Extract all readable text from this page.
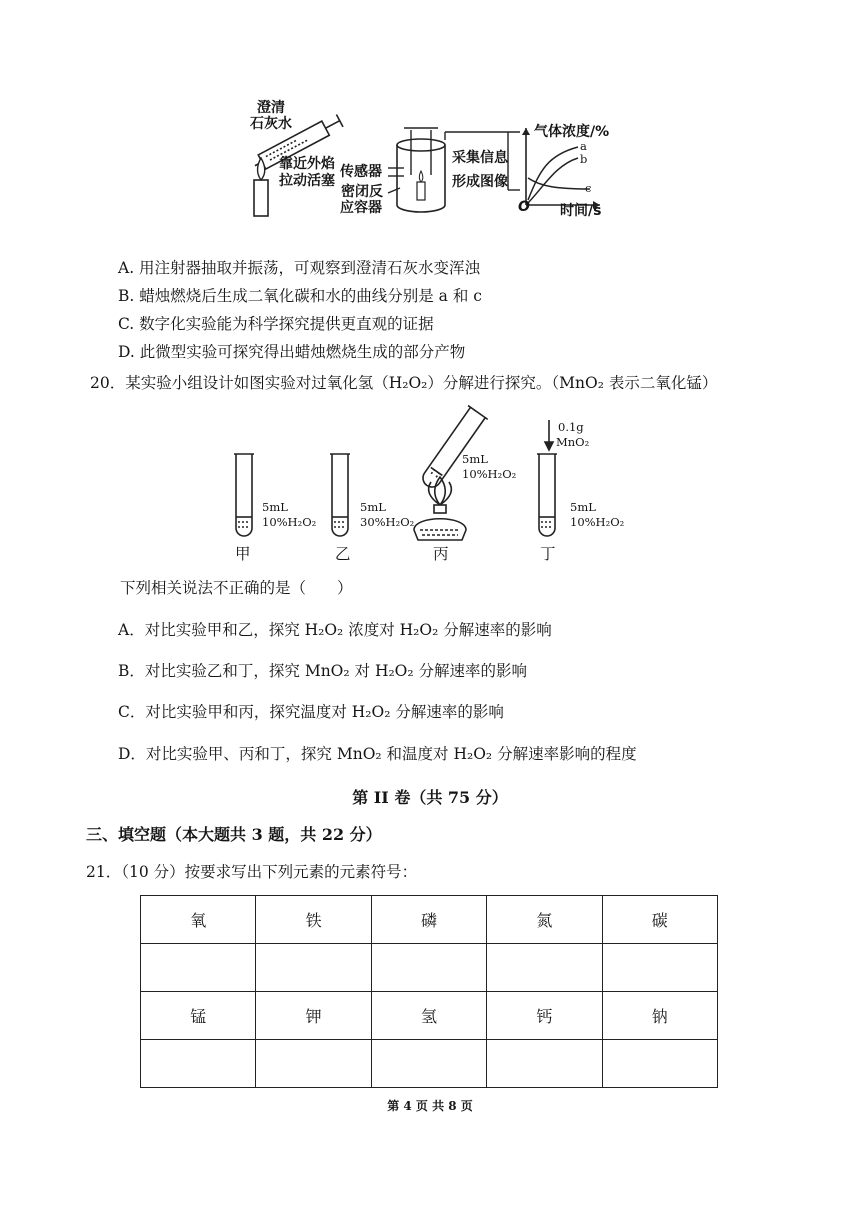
澄清
石灰水
靠近外焰
拉动活塞
传感器
密闭反
应容器
采集信息
形成图像
气体浓度/%
时间/s
O
a
b
c
A. 用注射器抽取并振荡，可观察到澄清石灰水变浑浊
B. 蜡烛燃烧后生成二氧化碳和水的曲线分别是 a 和 c
C. 数字化实验能为科学探究提供更直观的证据
D. 此微型实验可探究得出蜡烛燃烧生成的部分产物
20．某实验小组设计如图实验对过氧化氢（H₂O₂）分解进行探究。（MnO₂ 表示二氧化锰）
5mL
10%H₂O₂
5mL
30%H₂O₂
5mL
10%H₂O₂
5mL
10%H₂O₂
0.1g
MnO₂
甲	乙	丙	丁
下列相关说法不正确的是（　　）
A．对比实验甲和乙，探究 H₂O₂ 浓度对 H₂O₂ 分解速率的影响
B．对比实验乙和丁，探究 MnO₂ 对 H₂O₂ 分解速率的影响
C．对比实验甲和丙，探究温度对 H₂O₂ 分解速率的影响
D．对比实验甲、丙和丁，探究 MnO₂ 和温度对 H₂O₂ 分解速率影响的程度
第 II 卷（共 75 分）
三、填空题（本大题共 3 题，共 22 分）
21．（10 分）按要求写出下列元素的元素符号：
氧	铁	磷	氮	碳

锰	钾	氢	钙	钠

第 4 页 共 8 页
